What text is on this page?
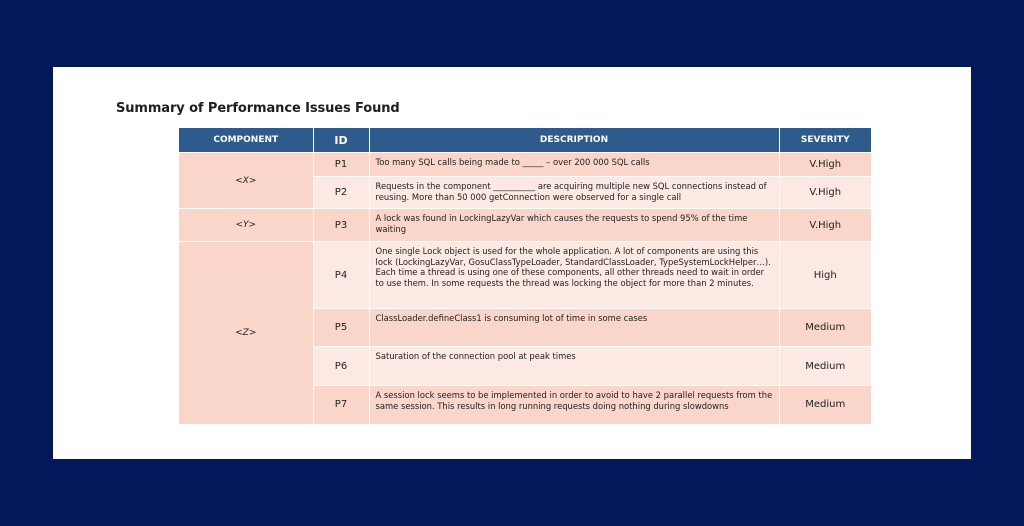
Summary of Performance Issues Found
COMPONENT	ID	DESCRIPTION	SEVERITY
<X>	P1	Too many SQL calls being made to _____ – over 200 000 SQL calls	V.High
	P2	Requests in the component __________ are acquiring multiple new SQL connections instead of reusing. More than 50 000 getConnection were observed for a single call	V.High
<Y>	P3	A lock was found in LockingLazyVar which causes the requests to spend 95% of the time waiting	V.High
<Z>	P4	One single Lock object is used for the whole application. A lot of components are using this lock (LockingLazyVar, GosuClassTypeLoader, StandardClassLoader, TypeSystemLockHelper…). Each time a thread is using one of these components, all other threads need to wait in order to use them. In some requests the thread was locking the object for more than 2 minutes.	High
	P5	ClassLoader.defineClass1 is consuming lot of time in some cases	Medium
	P6	Saturation of the connection pool at peak times	Medium
	P7	A session lock seems to be implemented in order to avoid to have 2 parallel requests from the same session. This results in long running requests doing nothing during slowdowns	Medium
